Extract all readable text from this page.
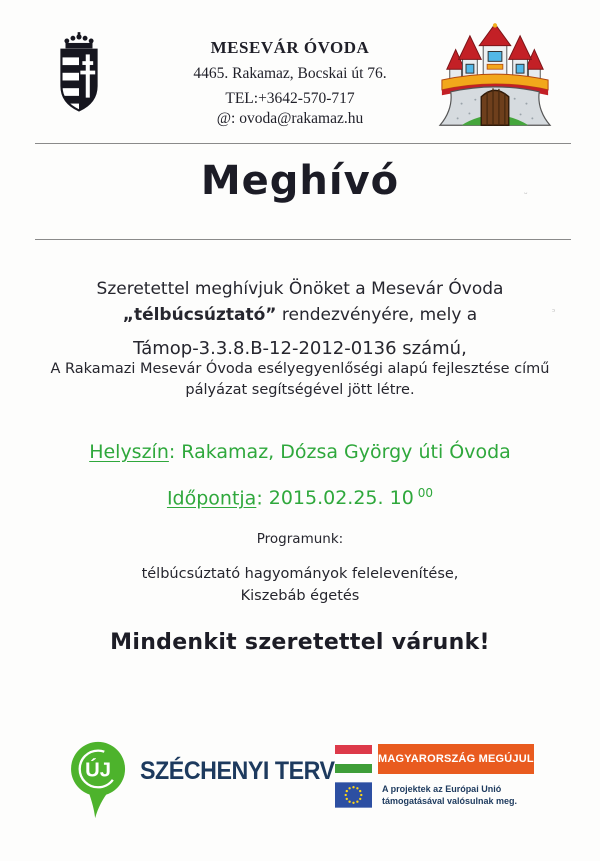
MESEVÁR ÓVODA
4465. Rakamaz, Bocskai út 76.
TEL:+3642-570-717
@: ovoda@rakamaz.hu
Meghívó
Szeretettel meghívjuk Önöket a Mesevár Óvoda
„télbúcsúztató” rendezvényére, mely a
Támop-3.3.8.B-12-2012-0136 számú,
A Rakamazi Mesevár Óvoda esélyegyenlőségi alapú fejlesztése című
pályázat segítségével jött létre.
Helyszín: Rakamaz, Dózsa György úti Óvoda
Időpontja: 2015.02.25. 10 $^{00}$
Programunk:
télbúcsúztató hagyományok felelevenítése,
Kiszebáb égetés
Mindenkit szeretettel várunk!
ᵕ
ᵓ
ÚJ SZÉCHENYI TERV	MAGYARORSZÁG MEGÚJUL
A projektek az Európai Unió
támogatásával valósulnak meg.
